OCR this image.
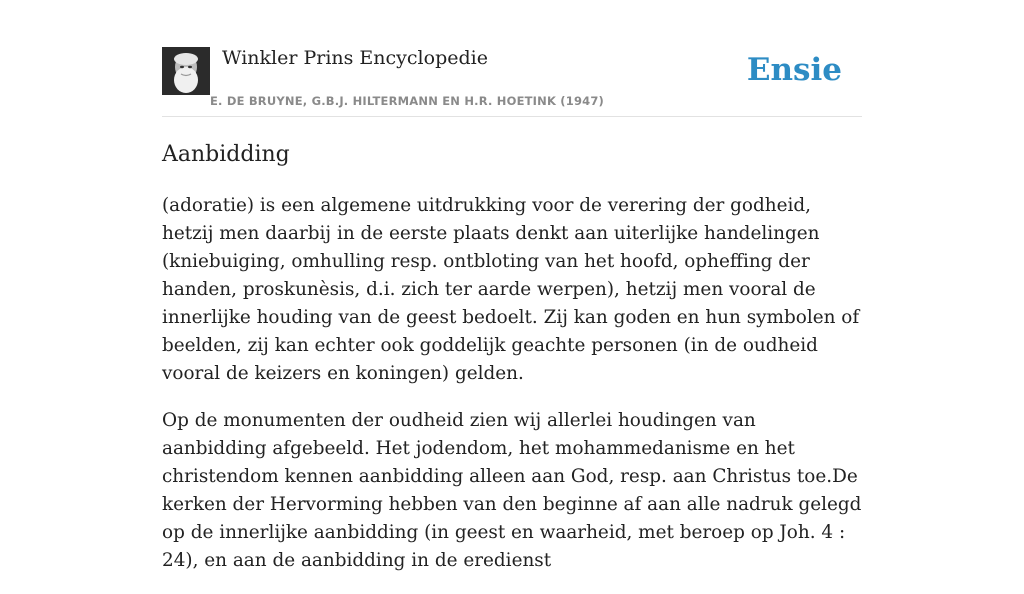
Winkler Prins Encyclopedie
E. DE BRUYNE, G.B.J. HILTERMANN EN H.R. HOETINK (1947)
Ensie
Aanbidding

(adoratie) is een algemene uitdrukking voor de verering der godheid, hetzij men daarbij in de eerste plaats denkt aan uiterlijke handelingen (kniebuiging, omhulling resp. ontbloting van het hoofd, opheffing der handen, proskunèsis, d.i. zich ter aarde werpen), hetzij men vooral de innerlijke houding van de geest bedoelt. Zij kan goden en hun symbolen of beelden, zij kan echter ook goddelijk geachte personen (in de oudheid vooral de keizers en koningen) gelden.

Op de monumenten der oudheid zien wij allerlei houdingen van aanbidding afgebeeld. Het jodendom, het mohammedanisme en het christendom kennen aanbidding alleen aan God, resp. aan Christus toe.De kerken der Hervorming hebben van den beginne af aan alle nadruk gelegd op de innerlijke aanbidding (in geest en waarheid, met beroep op Joh. 4 : 24), en aan de aanbidding in de eredienst
